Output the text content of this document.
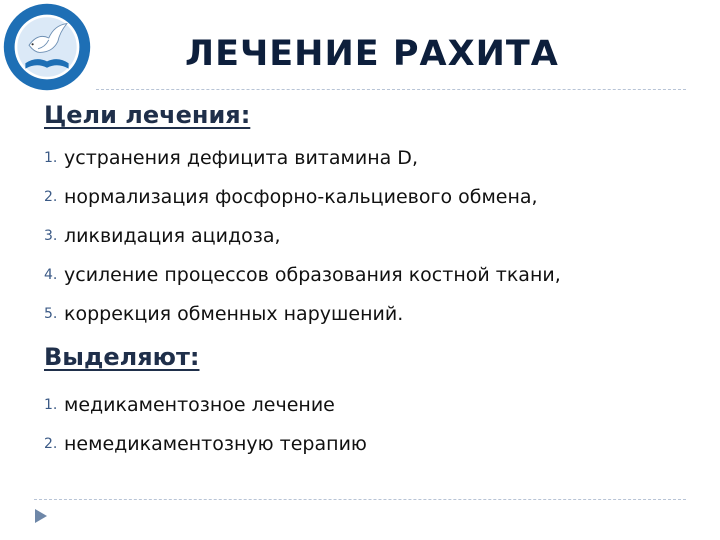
ЛЕЧЕНИЕ РАХИТА
Цели лечения:
1. устранения дефицита витамина D,
2. нормализация фосфорно-кальциевого обмена,
3. ликвидация ацидоза,
4. усиление процессов образования костной ткани,
5. коррекция обменных нарушений.
Выделяют:
1. медикаментозное лечение
2. немедикаментозную терапию
